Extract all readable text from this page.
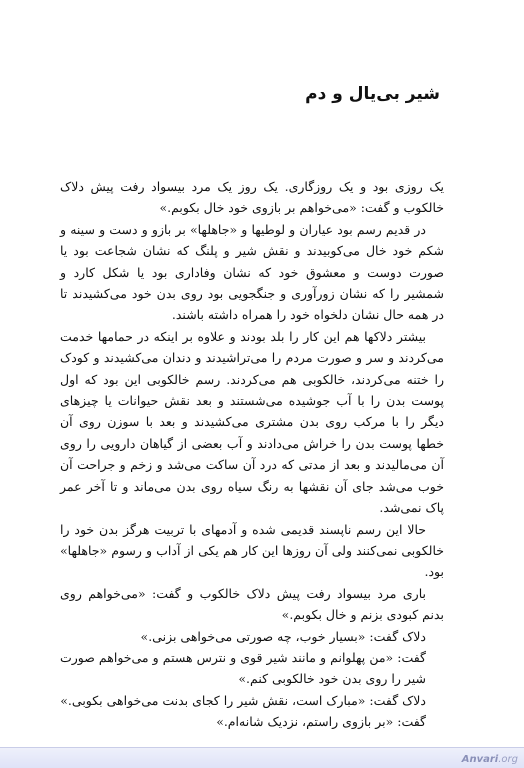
شیر بی‌یال و دم

یک روزی بود و یک روزگاری. یک روز یک مرد بیسواد رفت پیش دلاک خالکوب و گفت: «می‌خواهم بر بازوی خود خال بکوبم.»

در قدیم رسم بود عیاران و لوطیها و «جاهلها» بر بازو و دست و سینه و شکم خود خال می‌کوبیدند و نقش شیر و پلنگ که نشان شجاعت بود یا صورت دوست و معشوق خود که نشان وفاداری بود یا شکل کارد و شمشیر را که نشان زورآوری و جنگجویی بود روی بدن خود می‌کشیدند تا در همه حال نشان دلخواه خود را همراه داشته باشند.

بیشتر دلاکها هم این کار را بلد بودند و علاوه بر اینکه در حمامها خدمت می‌کردند و سر و صورت مردم را می‌تراشیدند و دندان می‌کشیدند و کودک را ختنه می‌کردند، خالکوبی هم می‌کردند. رسم خالکوبی این بود که اول پوست بدن را با آب جوشیده می‌شستند و بعد نقش حیوانات یا چیزهای دیگر را با مرکب روی بدن مشتری می‌کشیدند و بعد با سوزن روی آن خطها پوست بدن را خراش می‌دادند و آب بعضی از گیاهان دارویی را روی آن می‌مالیدند و بعد از مدتی که درد آن ساکت می‌شد و زخم و جراحت آن خوب می‌شد جای آن نقشها به رنگ سیاه روی بدن می‌ماند و تا آخر عمر پاک نمی‌شد.

حالا این رسم ناپسند قدیمی شده و آدمهای با تربیت هرگز بدن خود را خالکوبی نمی‌کنند ولی آن روزها این کار هم یکی از آداب و رسوم «جاهلها» بود.

باری مرد بیسواد رفت پیش دلاک خالکوب و گفت: «می‌خواهم روی بدنم کبودی بزنم و خال بکوبم.»

دلاک گفت: «بسیار خوب، چه صورتی می‌خواهی بزنی.»

گفت: «من پهلوانم و مانند شیر قوی و نترس هستم و می‌خواهم صورت شیر را روی بدن خود خالکوبی کنم.»

دلاک گفت: «مبارک است، نقش شیر را کجای بدنت می‌خواهی بکوبی.»

گفت: «بر بازوی راستم، نزدیک شانه‌ام.»

Anvari.org
